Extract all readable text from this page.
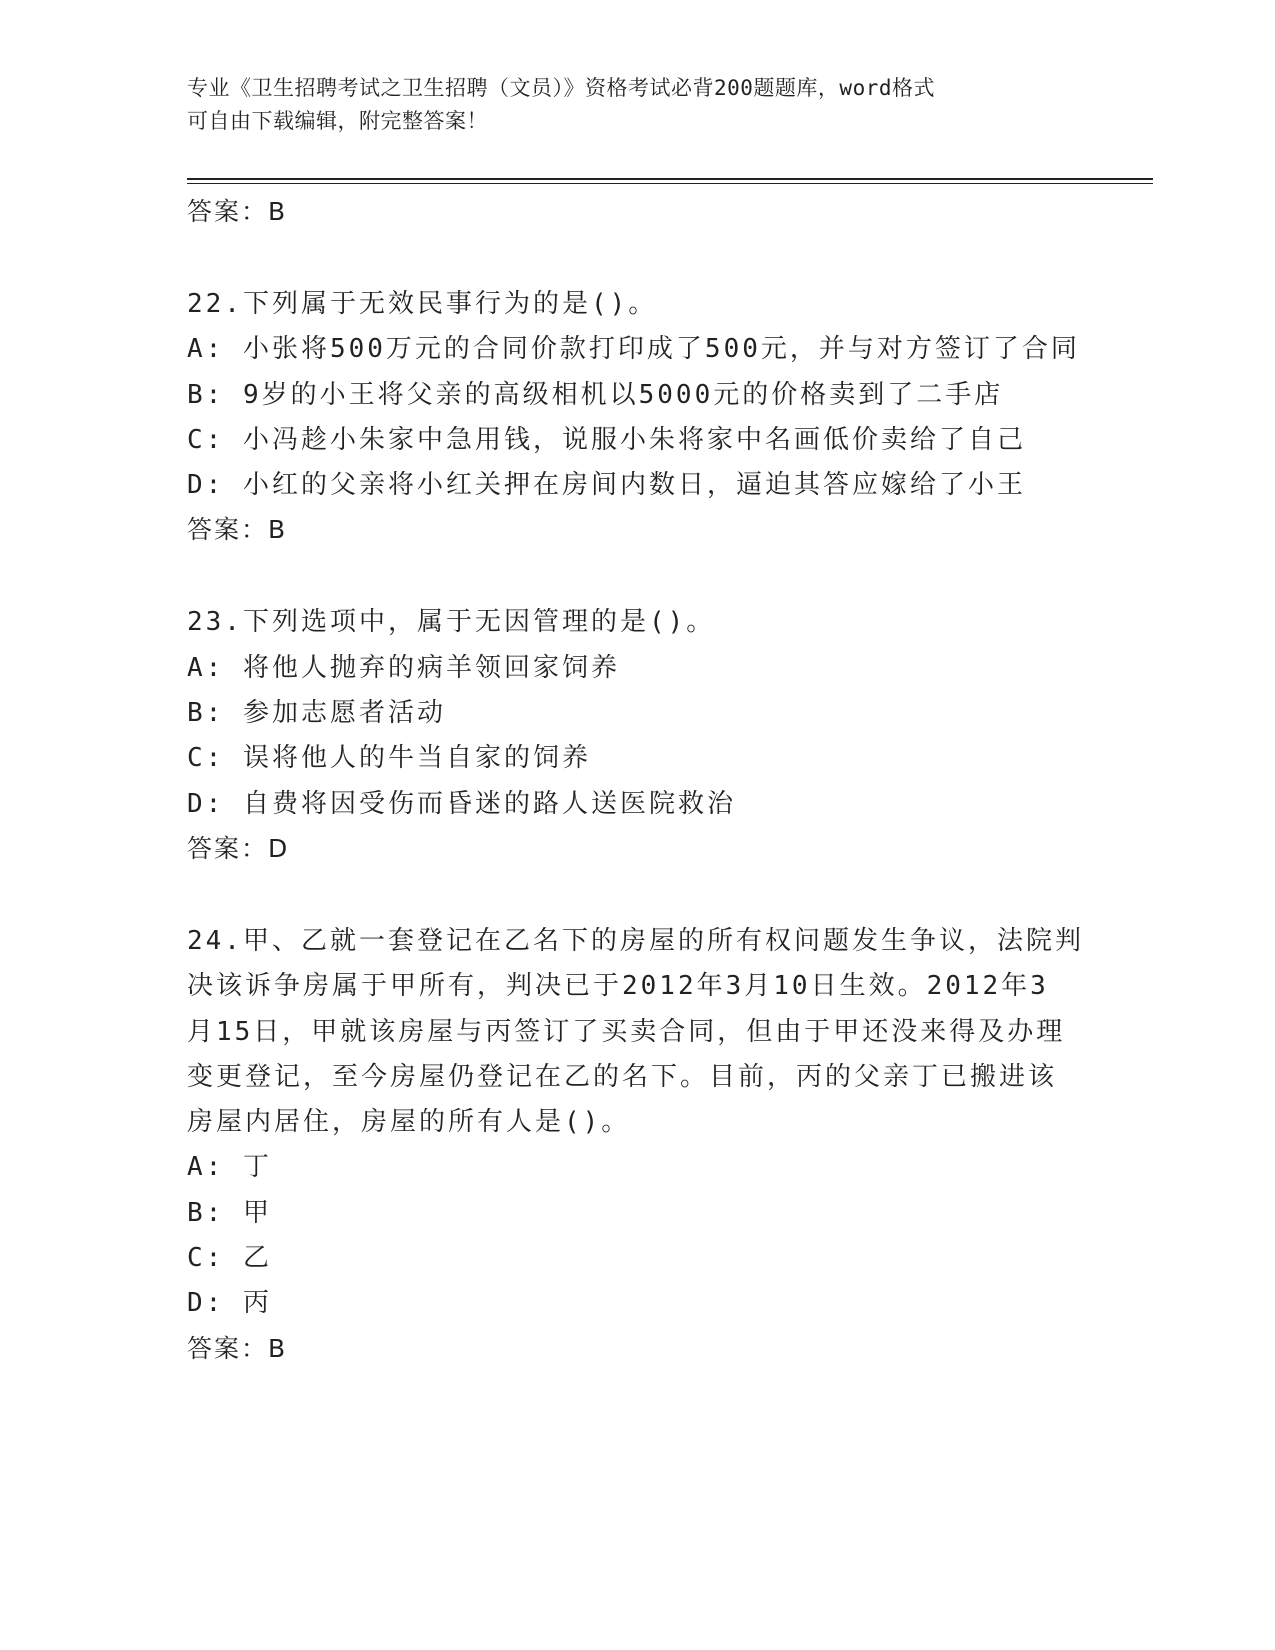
专业《卫生招聘考试之卫生招聘（文员）》资格考试必背200题题库，word格式
可自由下载编辑，附完整答案！
答案：B
22.下列属于无效民事行为的是()。
A: 小张将500万元的合同价款打印成了500元，并与对方签订了合同
B: 9岁的小王将父亲的高级相机以5000元的价格卖到了二手店
C: 小冯趁小朱家中急用钱，说服小朱将家中名画低价卖给了自己
D: 小红的父亲将小红关押在房间内数日，逼迫其答应嫁给了小王
答案：B
23.下列选项中，属于无因管理的是()。
A: 将他人抛弃的病羊领回家饲养
B: 参加志愿者活动
C: 误将他人的牛当自家的饲养
D: 自费将因受伤而昏迷的路人送医院救治
答案：D
24.甲、乙就一套登记在乙名下的房屋的所有权问题发生争议，法院判
决该诉争房属于甲所有，判决已于2012年3月10日生效。2012年3
月15日，甲就该房屋与丙签订了买卖合同，但由于甲还没来得及办理
变更登记，至今房屋仍登记在乙的名下。目前，丙的父亲丁已搬进该
房屋内居住，房屋的所有人是()。
A: 丁
B: 甲
C: 乙
D: 丙
答案：B
